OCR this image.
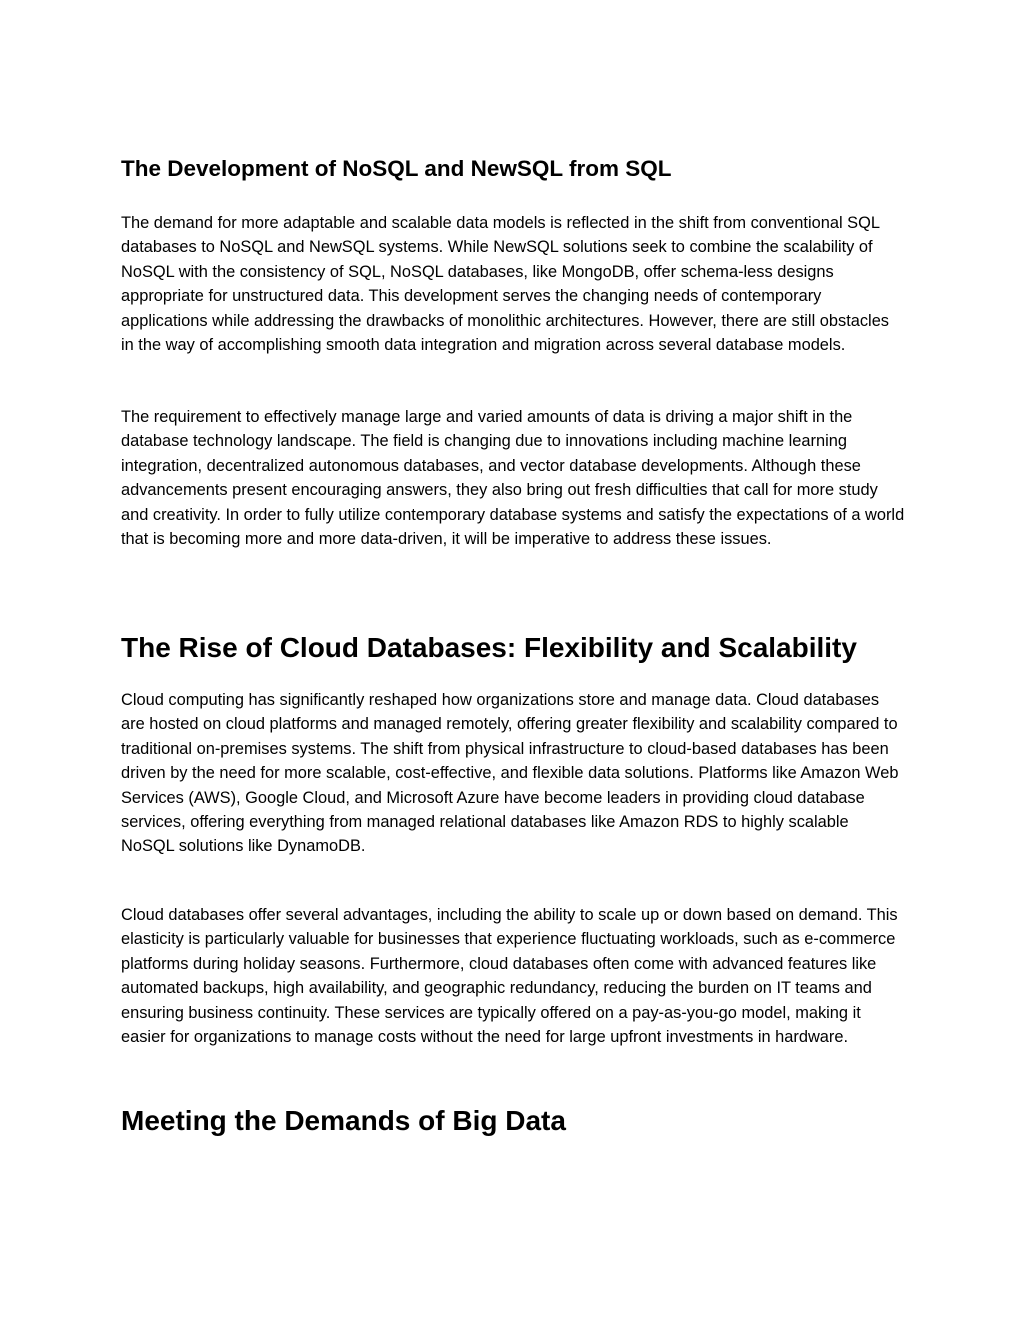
The Development of NoSQL and NewSQL from SQL

The demand for more adaptable and scalable data models is reflected in the shift from conventional SQL databases to NoSQL and NewSQL systems. While NewSQL solutions seek to combine the scalability of NoSQL with the consistency of SQL, NoSQL databases, like MongoDB, offer schema-less designs appropriate for unstructured data. This development serves the changing needs of contemporary applications while addressing the drawbacks of monolithic architectures. However, there are still obstacles in the way of accomplishing smooth data integration and migration across several database models.

The requirement to effectively manage large and varied amounts of data is driving a major shift in the database technology landscape. The field is changing due to innovations including machine learning integration, decentralized autonomous databases, and vector database developments. Although these advancements present encouraging answers, they also bring out fresh difficulties that call for more study and creativity. In order to fully utilize contemporary database systems and satisfy the expectations of a world that is becoming more and more data-driven, it will be imperative to address these issues.

The Rise of Cloud Databases: Flexibility and Scalability

Cloud computing has significantly reshaped how organizations store and manage data. Cloud databases are hosted on cloud platforms and managed remotely, offering greater flexibility and scalability compared to traditional on-premises systems. The shift from physical infrastructure to cloud-based databases has been driven by the need for more scalable, cost-effective, and flexible data solutions. Platforms like Amazon Web Services (AWS), Google Cloud, and Microsoft Azure have become leaders in providing cloud database services, offering everything from managed relational databases like Amazon RDS to highly scalable NoSQL solutions like DynamoDB.

Cloud databases offer several advantages, including the ability to scale up or down based on demand. This elasticity is particularly valuable for businesses that experience fluctuating workloads, such as e-commerce platforms during holiday seasons. Furthermore, cloud databases often come with advanced features like automated backups, high availability, and geographic redundancy, reducing the burden on IT teams and ensuring business continuity. These services are typically offered on a pay-as-you-go model, making it easier for organizations to manage costs without the need for large upfront investments in hardware.

Meeting the Demands of Big Data
